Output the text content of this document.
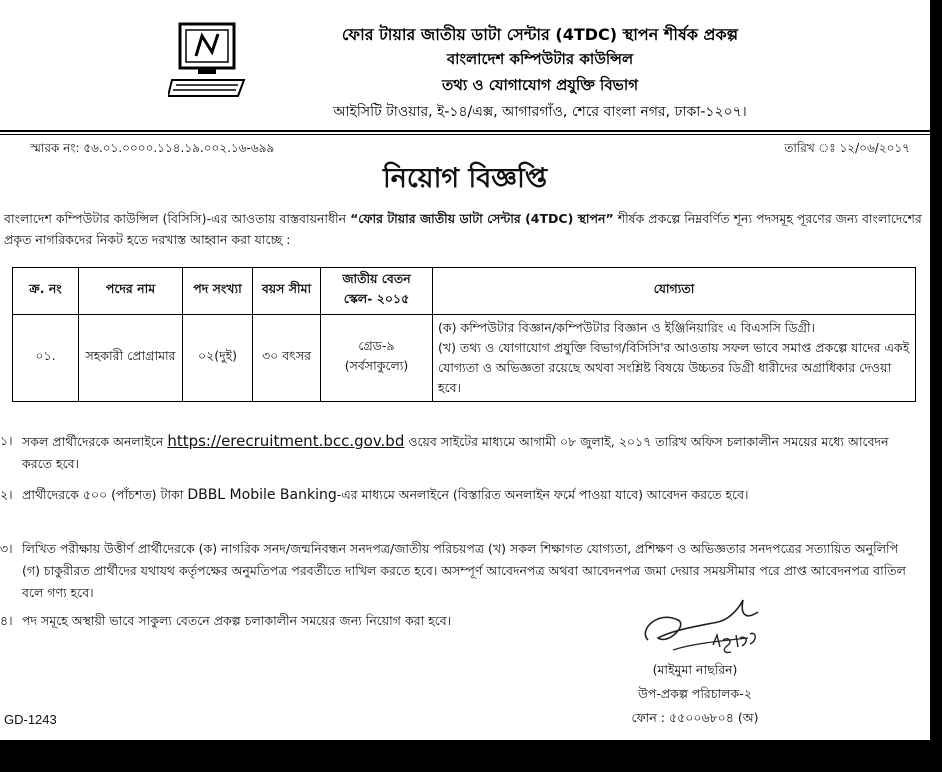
ফোর টায়ার জাতীয় ডাটা সেন্টার (4TDC) স্থাপন শীর্ষক প্রকল্প
বাংলাদেশ কম্পিউটার কাউন্সিল
তথ্য ও যোগাযোগ প্রযুক্তি বিভাগ
আইসিটি টাওয়ার, ই-১৪/এক্স, আগারগাঁও, শেরে বাংলা নগর, ঢাকা-১২০৭।
স্মারক নং: ৫৬.০১.০০০০.১১৪.১৯.০০২.১৬-৬৯৯	তারিখ ঃ ১২/০৬/২০১৭
নিয়োগ বিজ্ঞপ্তি
বাংলাদেশ কম্পিউটার কাউন্সিল (বিসিসি)-এর আওতায় বাস্তবায়নাধীন “ফোর টায়ার জাতীয় ডাটা সেন্টার (4TDC) স্থাপন” শীর্ষক প্রকল্পে নিম্নবর্ণিত শূন্য পদসমূহ পূরণের জন্য বাংলাদেশের প্রকৃত নাগরিকদের নিকট হতে দরখাস্ত আহ্বান করা যাচ্ছে :
ক্র. নং	পদের নাম	পদ সংখ্যা	বয়স সীমা	জাতীয় বেতন স্কেল- ২০১৫	যোগ্যতা
০১.	সহকারী প্রোগ্রামার	০২(দুই)	৩০ বৎসর	গ্রেড-৯ (সর্বসাকুল্যে)	(ক) কম্পিউটার বিজ্ঞান/কম্পিউটার বিজ্ঞান ও ইঞ্জিনিয়ারিং এ বিএসসি ডিগ্রী।
(খ) তথ্য ও যোগাযোগ প্রযুক্তি বিভাগ/বিসিসি'র আওতায় সফল ভাবে সমাপ্ত প্রকল্পে যাদের একই যোগ্যতা ও অভিজ্ঞতা রয়েছে অথবা সংশ্লিষ্ট বিষয়ে উচ্চতর ডিগ্রী ধারীদের অগ্রাধিকার দেওয়া হবে।
১। সকল প্রার্থীদেরকে অনলাইনে https://erecruitment.bcc.gov.bd ওয়েব সাইটের মাধ্যমে আগামী ০৮ জুলাই, ২০১৭ তারিখ অফিস চলাকালীন সময়ের মধ্যে আবেদন করতে হবে।
২। প্রার্থীদেরকে ৫০০ (পাঁচশত) টাকা DBBL Mobile Banking-এর মাধ্যমে অনলাইনে (বিস্তারিত অনলাইন ফর্মে পাওয়া যাবে) আবেদন করতে হবে।
৩। লিখিত পরীক্ষায় উত্তীর্ণ প্রার্থীদেরকে (ক) নাগরিক সনদ/জন্মনিবন্ধন সনদপত্র/জাতীয় পরিচয়পত্র (খ) সকল শিক্ষাগত যোগ্যতা, প্রশিক্ষণ ও অভিজ্ঞতার সনদপত্রের সত্যায়িত অনুলিপি (গ) চাকুরীরত প্রার্থীদের যথাযথ কর্তৃপক্ষের অনুমতিপত্র পরবর্তীতে দাখিল করতে হবে। অসম্পূর্ণ আবেদনপত্র অথবা আবেদনপত্র জমা দেয়ার সময়সীমার পরে প্রাপ্ত আবেদনপত্র বাতিল বলে গণ্য হবে।
৪। পদ সমূহে অস্থায়ী ভাবে সাকুল্য বেতনে প্রকল্প চলাকালীন সময়ের জন্য নিয়োগ করা হবে।
(মাইমুমা নাছরিন)
উপ-প্রকল্প পরিচালক-২
ফোন : ৫৫০০৬৮০৪ (অ)
GD-1243
